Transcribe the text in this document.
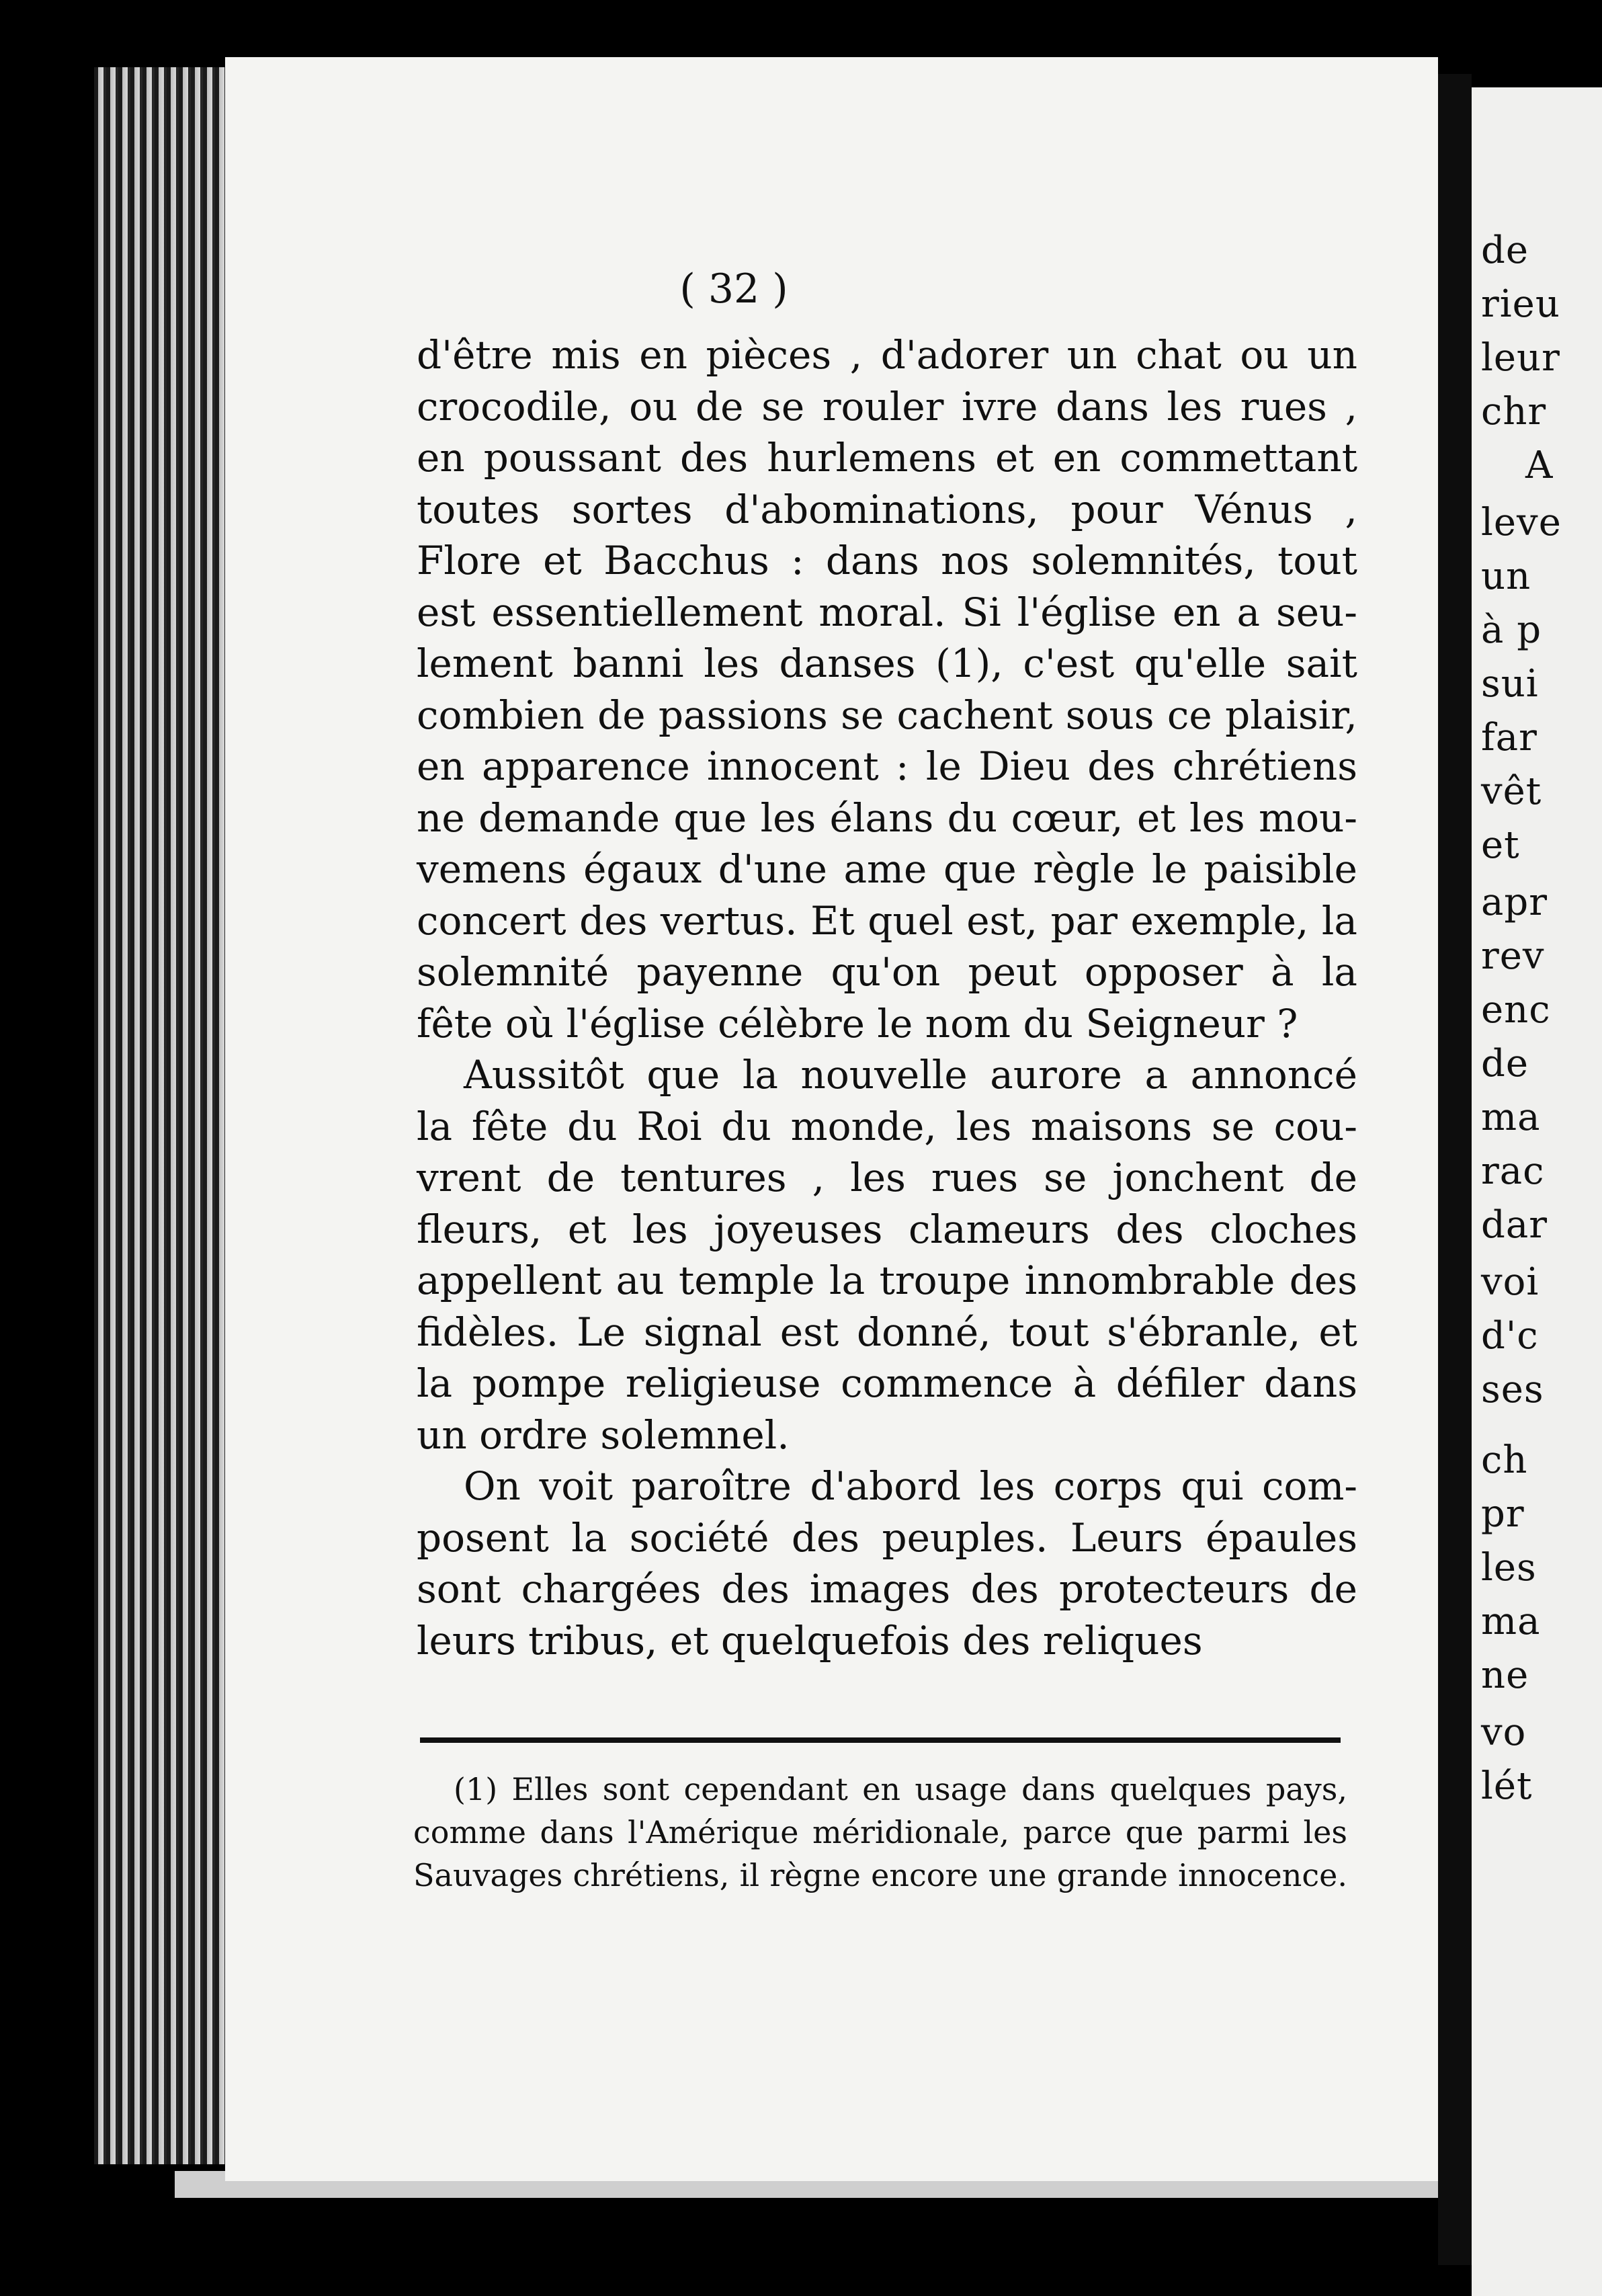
de
rieu
leur
chr
A
leve
un
à p
sui
far
vêt
et
apr
rev
enc
de
ma
rac
dar
voi
d'c
ses
ch
pr
les
ma
ne
vo
lét
( 32 )
d'être mis en pièces , d'adorer un chat ou un
crocodile, ou de se rouler ivre dans les rues ,
en poussant des hurlemens et en commettant
toutes sortes d'abominations, pour Vénus ,
Flore et Bacchus : dans nos solemnités, tout
est essentiellement moral. Si l'église en a seu-
lement banni les danses (1), c'est qu'elle sait
combien de passions se cachent sous ce plaisir,
en apparence innocent : le Dieu des chrétiens
ne demande que les élans du cœur, et les mou-
vemens égaux d'une ame que règle le paisible
concert des vertus. Et quel est, par exemple, la
solemnité payenne qu'on peut opposer à la
fête où l'église célèbre le nom du Seigneur ?
Aussitôt que la nouvelle aurore a annoncé
la fête du Roi du monde, les maisons se cou-
vrent de tentures , les rues se jonchent de
fleurs, et les joyeuses clameurs des cloches
appellent au temple la troupe innombrable des
fidèles. Le signal est donné, tout s'ébranle, et
la pompe religieuse commence à défiler dans
un ordre solemnel.
On voit paroître d'abord les corps qui com-
posent la société des peuples. Leurs épaules
sont chargées des images des protecteurs de
leurs tribus, et quelquefois des reliques
(1) Elles sont cependant en usage dans quelques pays,
comme dans l'Amérique méridionale, parce que parmi les
Sauvages chrétiens, il règne encore une grande innocence.
